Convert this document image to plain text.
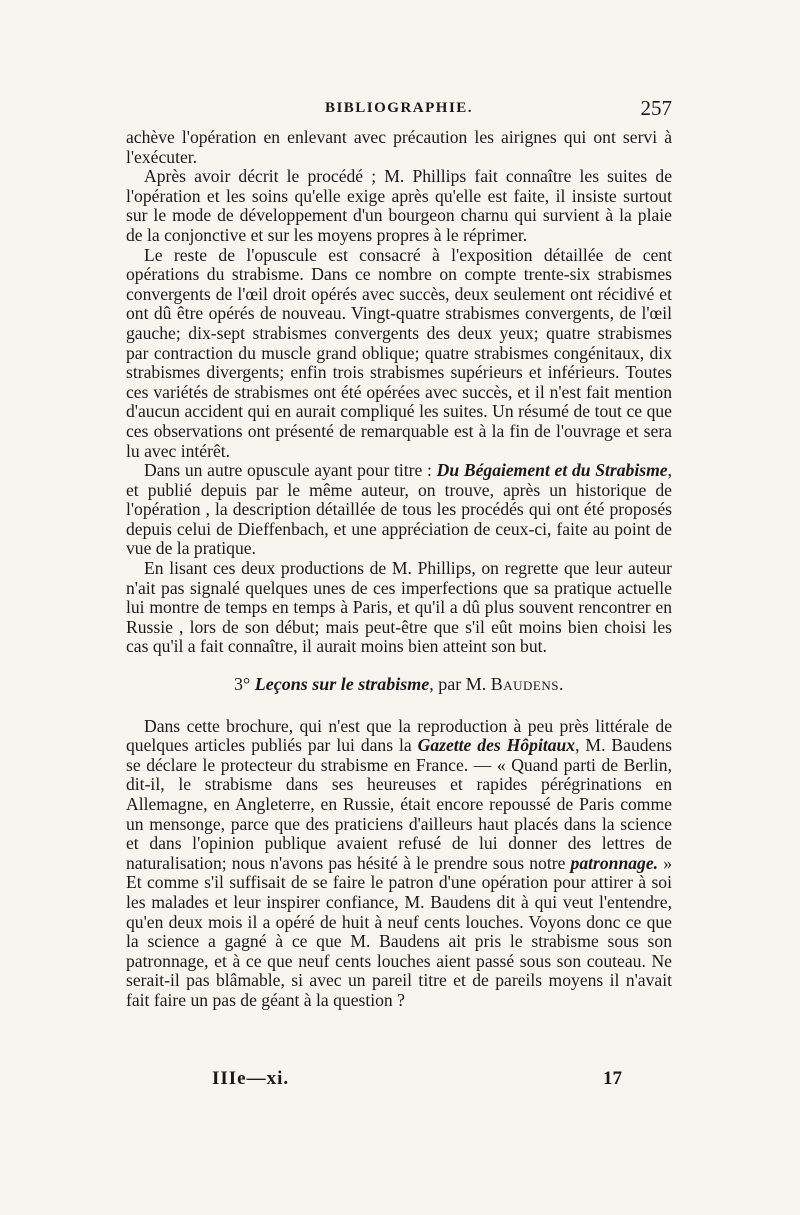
BIBLIOGRAPHIE.	257

achève l'opération en enlevant avec précaution les airignes qui ont servi à l'exécuter.

Après avoir décrit le procédé ; M. Phillips fait connaître les suites de l'opération et les soins qu'elle exige après qu'elle est faite, il insiste surtout sur le mode de développement d'un bourgeon charnu qui survient à la plaie de la conjonctive et sur les moyens propres à le réprimer.

Le reste de l'opuscule est consacré à l'exposition détaillée de cent opérations du strabisme. Dans ce nombre on compte trente-six strabismes convergents de l'œil droit opérés avec succès, deux seulement ont récidivé et ont dû être opérés de nouveau. Vingt-quatre strabismes convergents, de l'œil gauche; dix-sept strabismes convergents des deux yeux; quatre strabismes par contraction du muscle grand oblique; quatre strabismes congénitaux, dix strabismes divergents; enfin trois strabismes supérieurs et inférieurs. Toutes ces variétés de strabismes ont été opérées avec succès, et il n'est fait mention d'aucun accident qui en aurait compliqué les suites. Un résumé de tout ce que ces observations ont présenté de remarquable est à la fin de l'ouvrage et sera lu avec intérêt.

Dans un autre opuscule ayant pour titre : Du Bégaiement et du Strabisme, et publié depuis par le même auteur, on trouve, après un historique de l'opération , la description détaillée de tous les procédés qui ont été proposés depuis celui de Dieffenbach, et une appréciation de ceux-ci, faite au point de vue de la pratique.

En lisant ces deux productions de M. Phillips, on regrette que leur auteur n'ait pas signalé quelques unes de ces imperfections que sa pratique actuelle lui montre de temps en temps à Paris, et qu'il a dû plus souvent rencontrer en Russie , lors de son début; mais peut-être que s'il eût moins bien choisi les cas qu'il a fait connaître, il aurait moins bien atteint son but.

3° Leçons sur le strabisme, par M. Baudens.

Dans cette brochure, qui n'est que la reproduction à peu près littérale de quelques articles publiés par lui dans la Gazette des Hôpitaux, M. Baudens se déclare le protecteur du strabisme en France. — « Quand parti de Berlin, dit-il, le strabisme dans ses heureuses et rapides pérégrinations en Allemagne, en Angleterre, en Russie, était encore repoussé de Paris comme un mensonge, parce que des praticiens d'ailleurs haut placés dans la science et dans l'opinion publique avaient refusé de lui donner des lettres de naturalisation; nous n'avons pas hésité à le prendre sous notre patronnage. » Et comme s'il suffisait de se faire le patron d'une opération pour attirer à soi les malades et leur inspirer confiance, M. Baudens dit à qui veut l'entendre, qu'en deux mois il a opéré de huit à neuf cents louches. Voyons donc ce que la science a gagné à ce que M. Baudens ait pris le strabisme sous son patronnage, et à ce que neuf cents louches aient passé sous son couteau. Ne serait-il pas blâmable, si avec un pareil titre et de pareils moyens il n'avait fait faire un pas de géant à la question ?

IIIe—xi.	17
